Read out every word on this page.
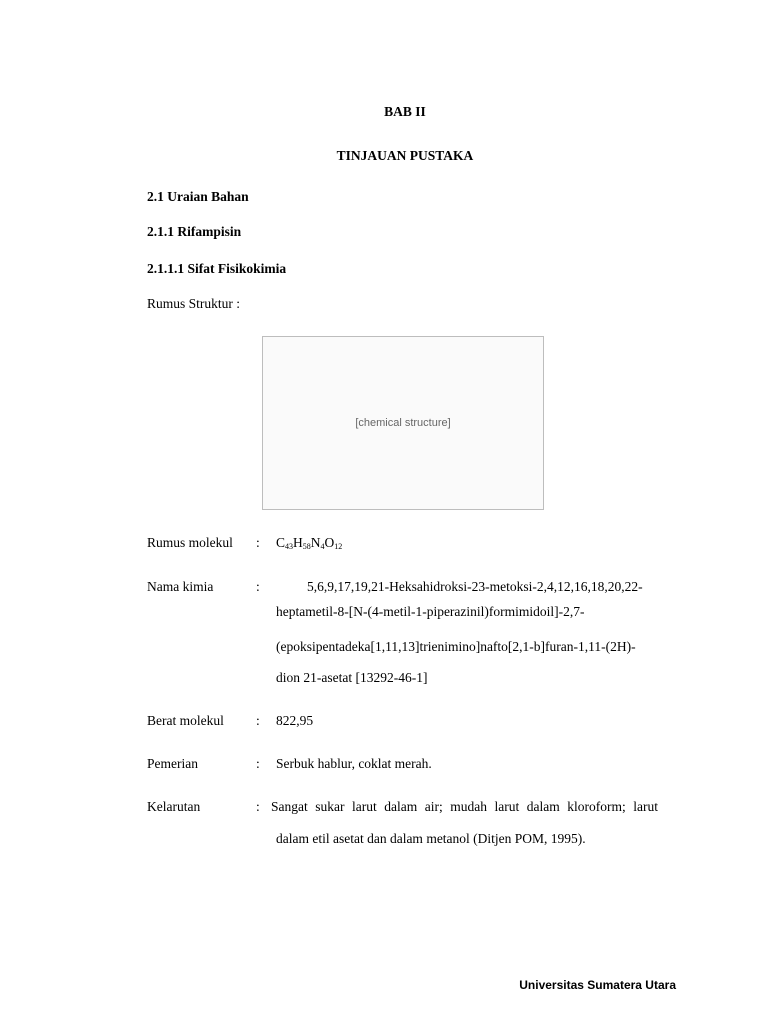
BAB II
TINJAUAN PUSTAKA
2.1 Uraian Bahan
2.1.1 Rifampisin
2.1.1.1 Sifat Fisikokimia
Rumus Struktur :
[chemical structure]
Rumus molekul : $C_{43}H_{58}N_4O_{12}$
Nama kimia	:	5,6,9,17,19,21-Heksahidroksi-23-metoksi-2,4,12,16,18,20,22-
heptametil-8-[N-(4-metil-1-piperazinil)formimidoil]-2,7-
(epoksipentadeka[1,11,13]trienimino]nafto[2,1-b]furan-1,11-(2H)-
dion 21-asetat [13292-46-1]
Berat molekul : 822,95
Pemerian	: Serbuk hablur, coklat merah.
Kelarutan	: Sangat sukar larut dalam air; mudah larut dalam kloroform; larut
dalam etil asetat dan dalam metanol (Ditjen POM, 1995).
Universitas Sumatera Utara
